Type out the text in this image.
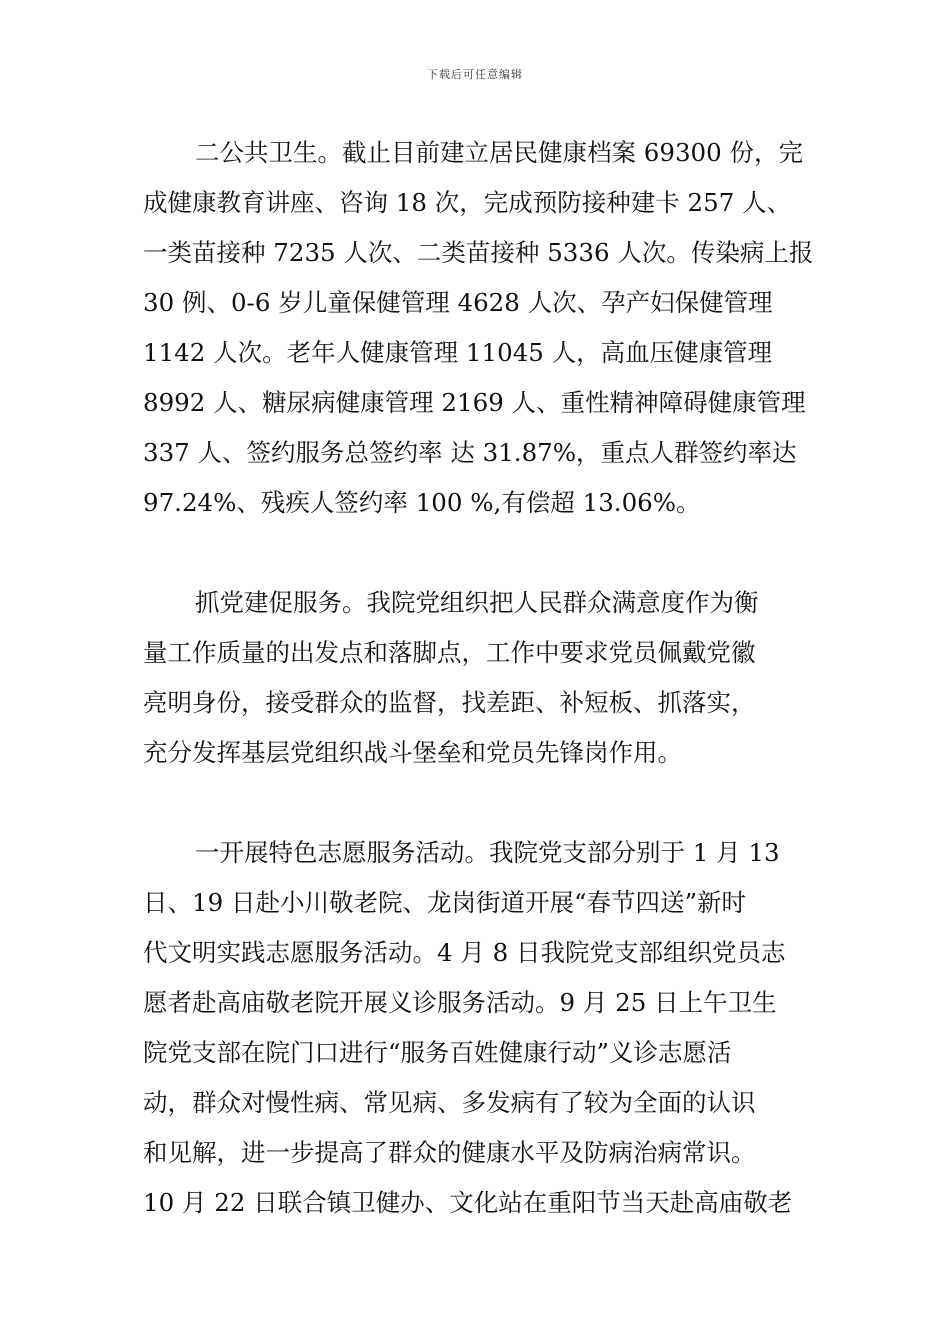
下载后可任意编辑
二公共卫生。截止目前建立居民健康档案 69300 份，完
成健康教育讲座、咨询 18 次，完成预防接种建卡 257 人、
一类苗接种 7235 人次、二类苗接种 5336 人次。传染病上报
30 例、0-6 岁儿童保健管理 4628 人次、孕产妇保健管理
1142 人次。老年人健康管理 11045 人，高血压健康管理
8992 人、糖尿病健康管理 2169 人、重性精神障碍健康管理
337 人、签约服务总签约率 达 31.87%，重点人群签约率达
97.24%、残疾人签约率 100 %,有偿超 13.06%。
抓党建促服务。我院党组织把人民群众满意度作为衡
量工作质量的出发点和落脚点，工作中要求党员佩戴党徽
亮明身份，接受群众的监督，找差距、补短板、抓落实，
充分发挥基层党组织战斗堡垒和党员先锋岗作用。
一开展特色志愿服务活动。我院党支部分别于 1 月 13
日、19 日赴小川敬老院、龙岗街道开展“春节四送”新时
代文明实践志愿服务活动。4 月 8 日我院党支部组织党员志
愿者赴高庙敬老院开展义诊服务活动。9 月 25 日上午卫生
院党支部在院门口进行“服务百姓健康行动”义诊志愿活
动，群众对慢性病、常见病、多发病有了较为全面的认识
和见解，进一步提高了群众的健康水平及防病治病常识。
10 月 22 日联合镇卫健办、文化站在重阳节当天赴高庙敬老
